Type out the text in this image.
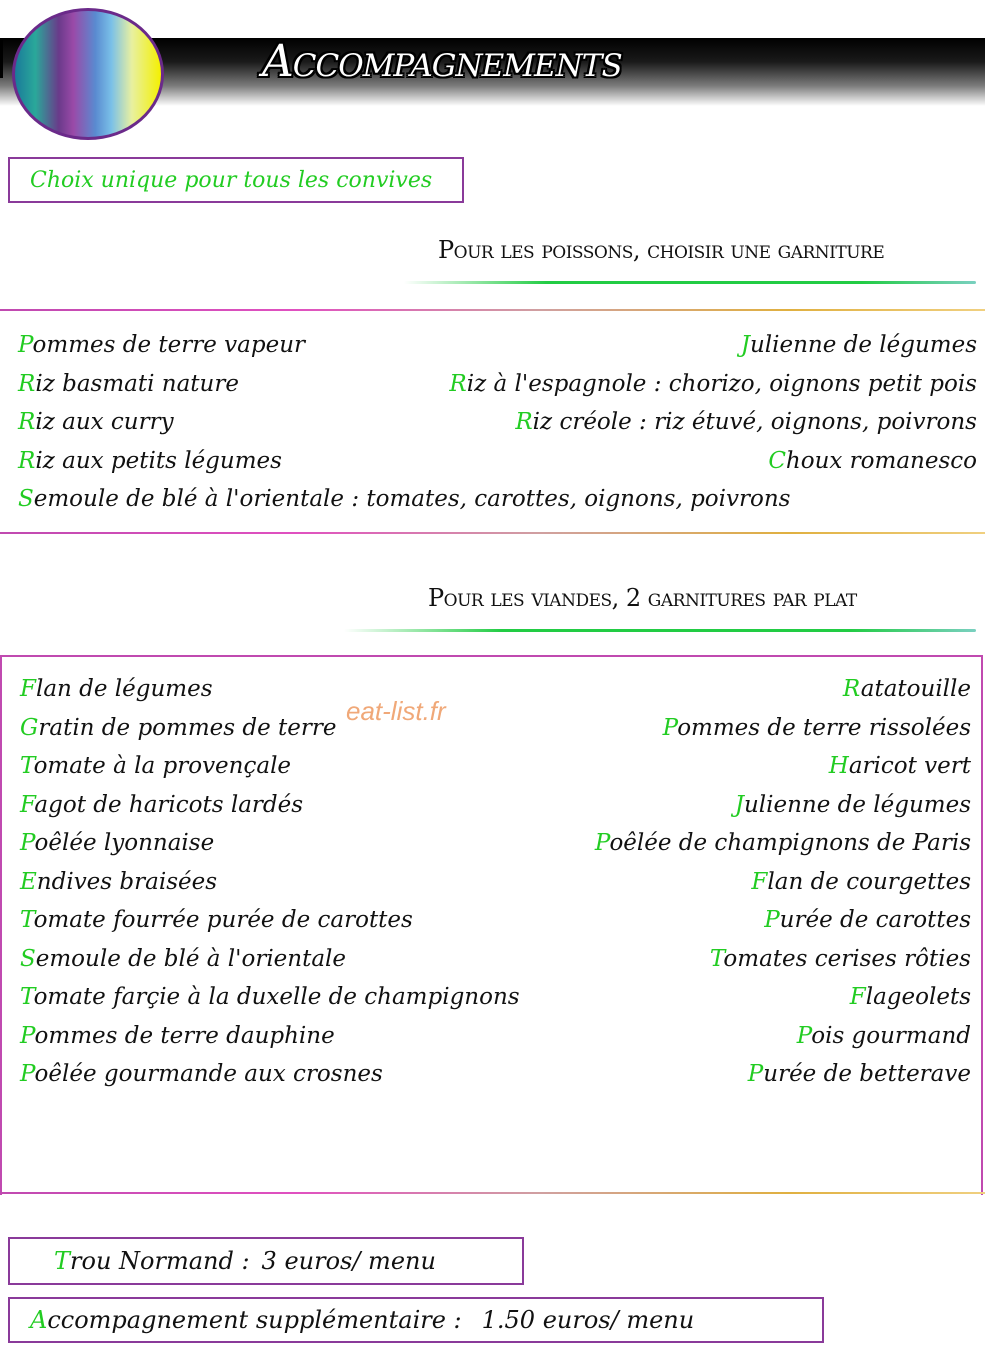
Accompagnements
Choix unique pour tous les convives
Pour les poissons, choisir une garniture
Pommes de terre vapeur
Riz basmati nature
Riz aux curry
Riz aux petits légumes
Semoule de blé à l'orientale : tomates, carottes, oignons, poivrons
Julienne de légumes
Riz à l'espagnole : chorizo, oignons petit pois
Riz créole : riz étuvé, oignons, poivrons
Choux romanesco
Pour les viandes, 2 garnitures par plat
Flan de légumes
Gratin de pommes de terre
Tomate à la provençale
Fagot de haricots lardés
Poêlée lyonnaise
Endives braisées
Tomate fourrée purée de carottes
Semoule de blé à l'orientale
Tomate farçie à la duxelle de champignons
Pommes de terre dauphine
Poêlée gourmande aux crosnes
Ratatouille
Pommes de terre rissolées
Haricot vert
Julienne de légumes
Poêlée de champignons de Paris
Flan de courgettes
Purée de carottes
Tomates cerises rôties
Flageolets
Pois gourmand
Purée de betterave
eat-list.fr
Trou Normand : 3 euros/ menu
Accompagnement supplémentaire : 1.50 euros/ menu
